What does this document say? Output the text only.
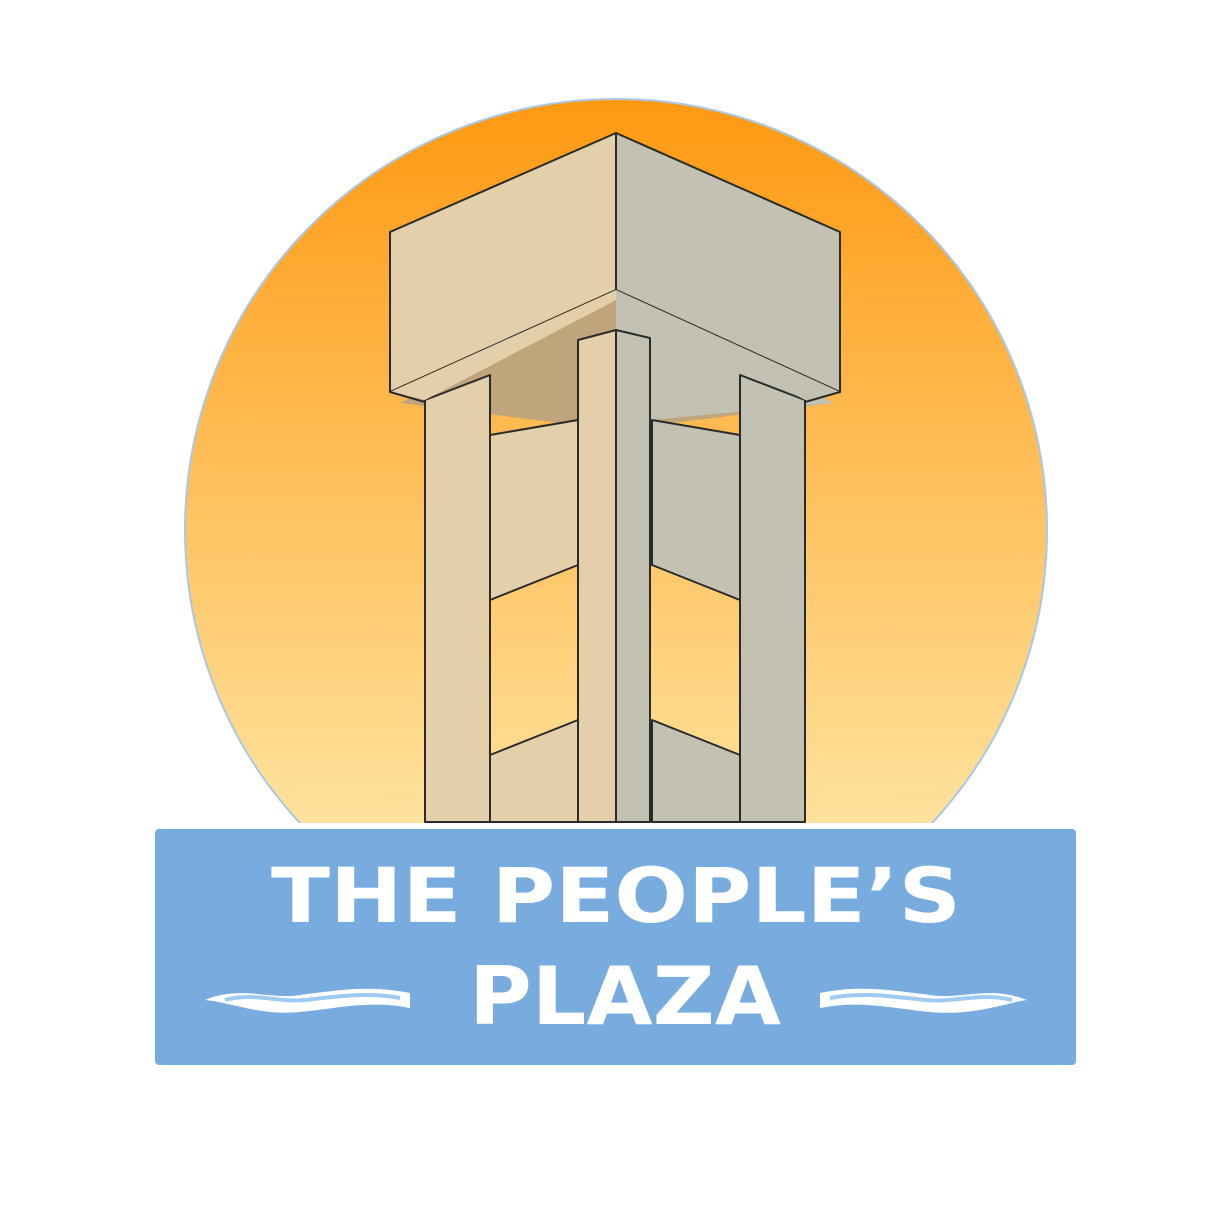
THE PEOPLE’S
PLAZA
